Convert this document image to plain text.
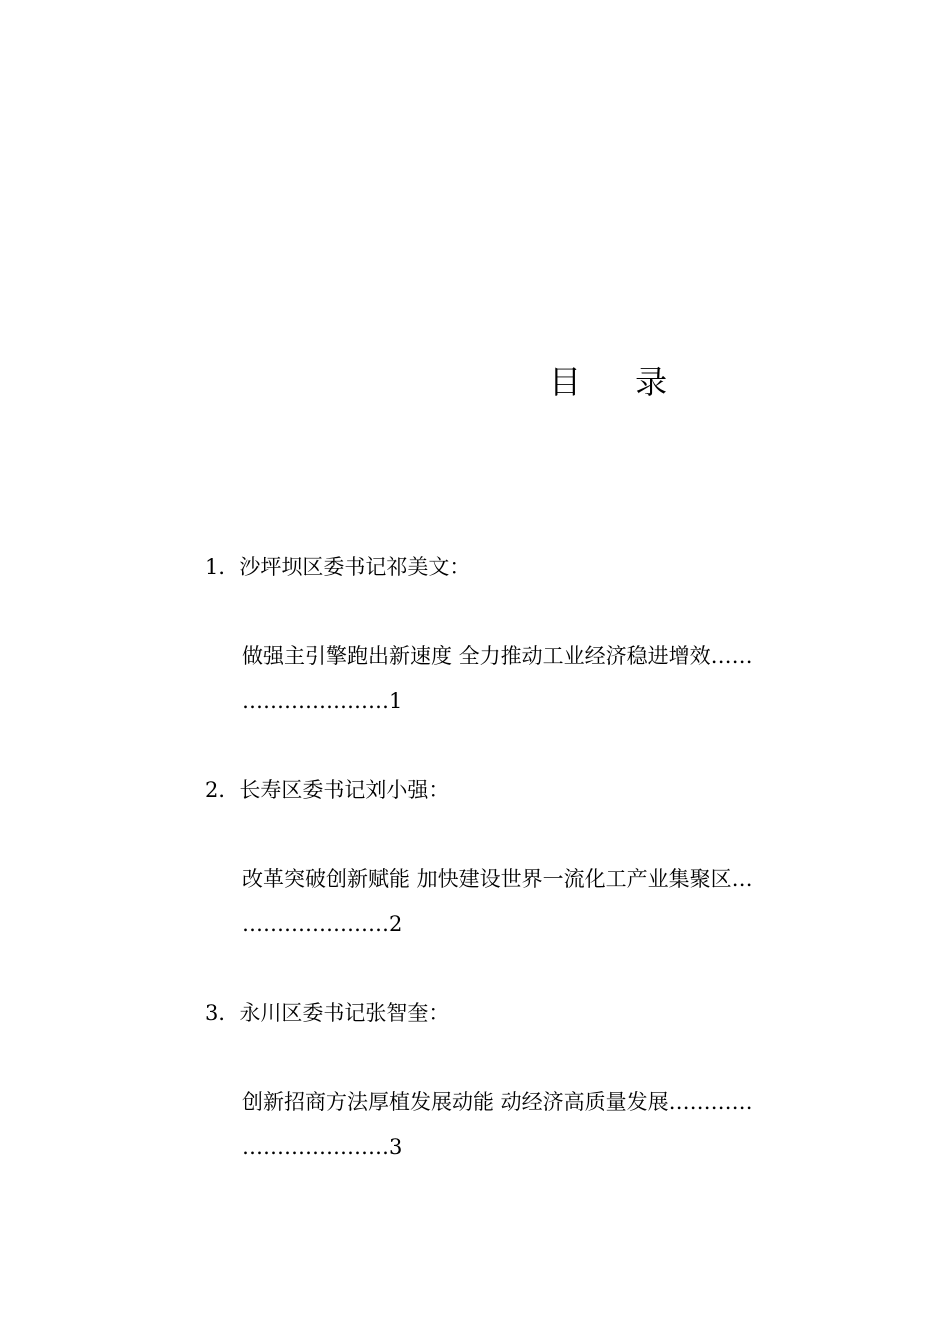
目 录
1．沙坪坝区委书记祁美文：
做强主引擎跑出新速度 全力推动工业经济稳进增效……
…………………1
2．长寿区委书记刘小强：
改革突破创新赋能 加快建设世界一流化工产业集聚区…
…………………2
3．永川区委书记张智奎：
创新招商方法厚植发展动能 动经济高质量发展…………
…………………3
